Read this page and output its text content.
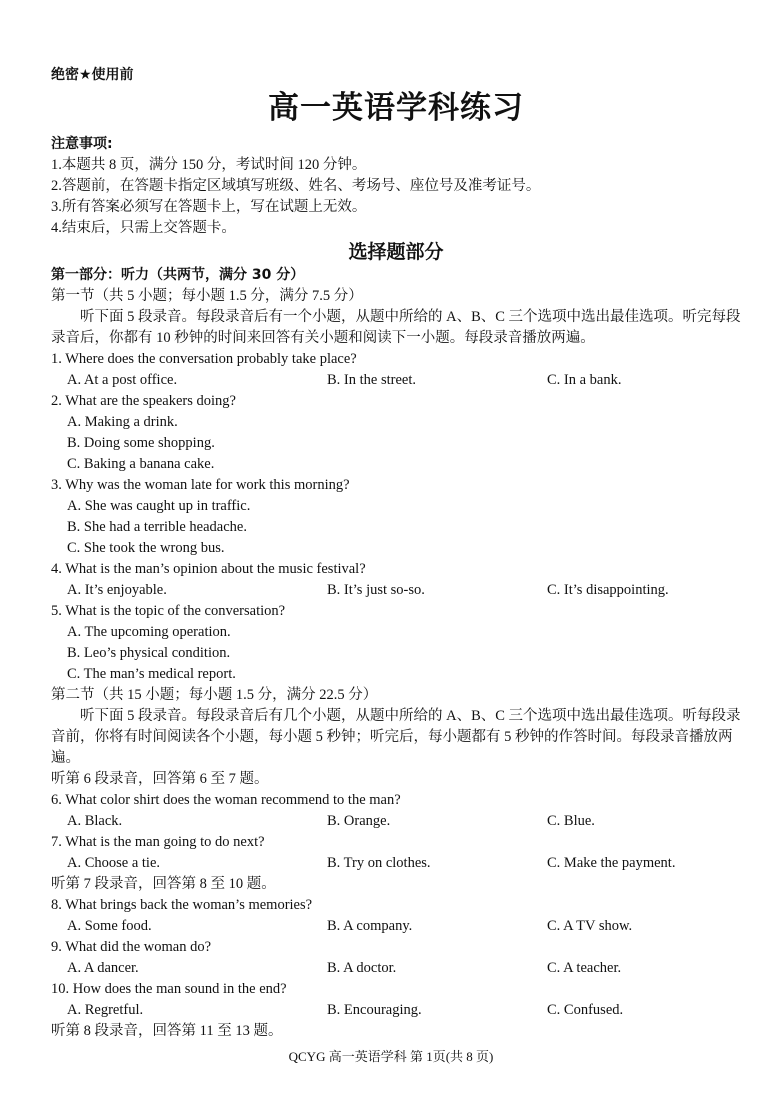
绝密★使用前
高一英语学科练习
注意事项:
1.本题共 8 页，满分 150 分，考试时间 120 分钟。
2.答题前，在答题卡指定区域填写班级、姓名、考场号、座位号及准考证号。
3.所有答案必须写在答题卡上，写在试题上无效。
4.结束后，只需上交答题卡。
选择题部分
第一部分：听力（共两节，满分 30 分）
第一节（共 5 小题；每小题 1.5 分，满分 7.5 分）
听下面 5 段录音。每段录音后有一个小题，从题中所给的 A、B、C 三个选项中选出最佳选项。听完每段录音后，你都有 10 秒钟的时间来回答有关小题和阅读下一小题。每段录音播放两遍。
1. Where does the conversation probably take place?
A. At a post office.	B. In the street.	C. In a bank.
2. What are the speakers doing?
A. Making a drink.
B. Doing some shopping.
C. Baking a banana cake.
3. Why was the woman late for work this morning?
A. She was caught up in traffic.
B. She had a terrible headache.
C. She took the wrong bus.
4. What is the man’s opinion about the music festival?
A. It’s enjoyable.	B. It’s just so-so.	C. It’s disappointing.
5. What is the topic of the conversation?
A. The upcoming operation.
B. Leo’s physical condition.
C. The man’s medical report.
第二节（共 15 小题；每小题 1.5 分，满分 22.5 分）
听下面 5 段录音。每段录音后有几个小题，从题中所给的 A、B、C 三个选项中选出最佳选项。听每段录音前，你将有时间阅读各个小题，每小题 5 秒钟；听完后，每小题都有 5 秒钟的作答时间。每段录音播放两遍。
听第 6 段录音，回答第 6 至 7 题。
6. What color shirt does the woman recommend to the man?
A. Black.	B. Orange.	C. Blue.
7. What is the man going to do next?
A. Choose a tie.	B. Try on clothes.	C. Make the payment.
听第 7 段录音，回答第 8 至 10 题。
8. What brings back the woman’s memories?
A. Some food.	B. A company.	C. A TV show.
9. What did the woman do?
A. A dancer.	B. A doctor.	C. A teacher.
10. How does the man sound in the end?
A. Regretful.	B. Encouraging.	C. Confused.
听第 8 段录音，回答第 11 至 13 题。
QCYG 高一英语学科 第 1页(共 8 页)
